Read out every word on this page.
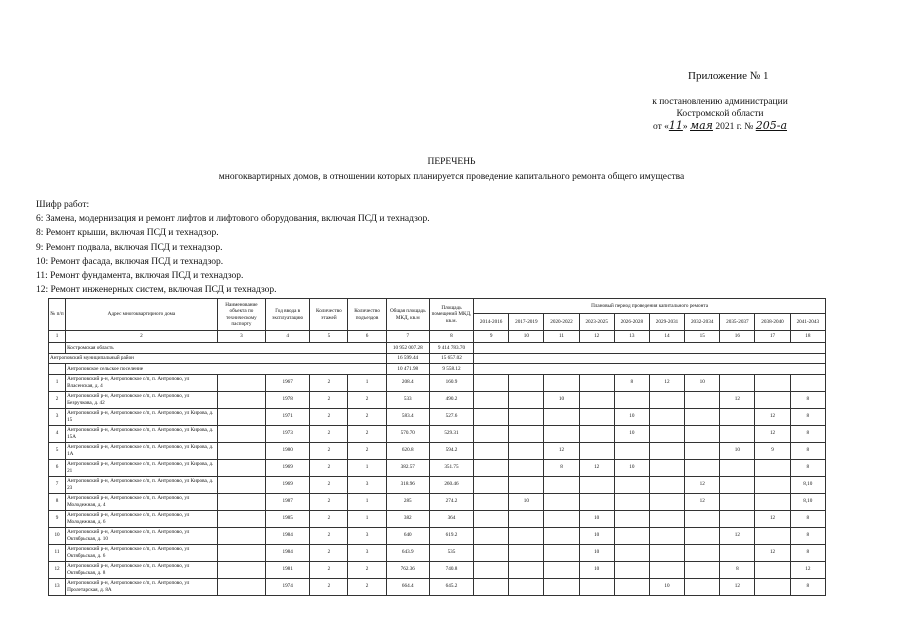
Приложение № 1
к постановлению администрации
Костромской области
от «11» мая 2021 г. № 205-а
ПЕРЕЧЕНЬ
многоквартирных домов, в отношении которых планируется проведение капитального ремонта общего имущества
Шифр работ:
6: Замена, модернизация и ремонт лифтов и лифтового оборудования, включая ПСД и технадзор.
8: Ремонт крыши, включая ПСД и технадзор.
9: Ремонт подвала, включая ПСД и технадзор.
10: Ремонт фасада, включая ПСД и технадзор.
11: Ремонт фундамента, включая ПСД и технадзор.
12: Ремонт инженерных систем, включая ПСД и технадзор.
№ п/п	Адрес многоквартирного дома	Наименование объекта по техническому паспорту	Год ввода в эксплуатацию	Количество этажей	Количество подъездов	Общая площадь МКД, кв.м	Площадь помещений МКД, кв.м.	Плановый период проведения капитального ремонта									
								2014-2016	2017-2019	2020-2022	2023-2025	2026-2028	2029-2031	2032-2034	2035-2037	2038-2040	2041-2043
1	2	3	4	5	6	7	8	9	10	11	12	13	14	15	16	17	18
	Костромская область					10 952 007.28	9 414 783.70										
Антроповский муниципальный район						16 599.44	15 657.02										
	Антроповское сельское поселение					10 471.98	9 558.12										
1	Антроповский р-н, Антроповское с/п, п. Антропово, ул Власенская, д. 4		1967	2	1	208.4	160.9					8	12	10			
2	Антроповский р-н, Антроповское с/п, п. Антропово, ул Безручкова, д. 42		1978	2	2	533	490.2			10					12		8
3	Антроповский р-н, Антроповское с/п, п. Антропово, ул Кирова, д. 15		1971	2	2	583.4	527.6					10				12	8
4	Антроповский р-н, Антроповское с/п, п. Антропово, ул Кирова, д. 15А		1973	2	2	570.70	529.31					10				12	8
5	Антроповский р-н, Антроповское с/п, п. Антропово, ул Кирова, д. 1А		1980	2	2	620.8	594.2			12					10	9	8
6	Антроповский р-н, Антроповское с/п, п. Антропово, ул Кирова, д. 21		1969	2	1	382.57	351.75			8	12	10					8
7	Антроповский р-н, Антроповское с/п, п. Антропово, ул Кирова, д. 23		1969	2	3	318.96	260.46							12			8,10
8	Антроповский р-н, Антроповское с/п, п. Антропово, ул Молодежная, д. 4		1987	2	1	285	274.2		10					12			8,10
9	Антроповский р-н, Антроповское с/п, п. Антропово, ул Молодежная, д. 6		1985	2	1	382	364				10					12	8
10	Антроповский р-н, Антроповское с/п, п. Антропово, ул Октябрьская, д. 10		1984	2	3	640	619.2				10				12		8
11	Антроповский р-н, Антроповское с/п, п. Антропово, ул Октябрьская, д. 6		1984	2	3	643.9	535				10					12	8
12	Антроповский р-н, Антроповское с/п, п. Антропово, ул Октябрьская, д. 8		1981	2	2	762.36	740.8				10				8		12
13	Антроповский р-н, Антроповское с/п, п. Антропово, ул Пролетарская, д. 8А		1974	2	2	664.4	645.2						10		12		8
